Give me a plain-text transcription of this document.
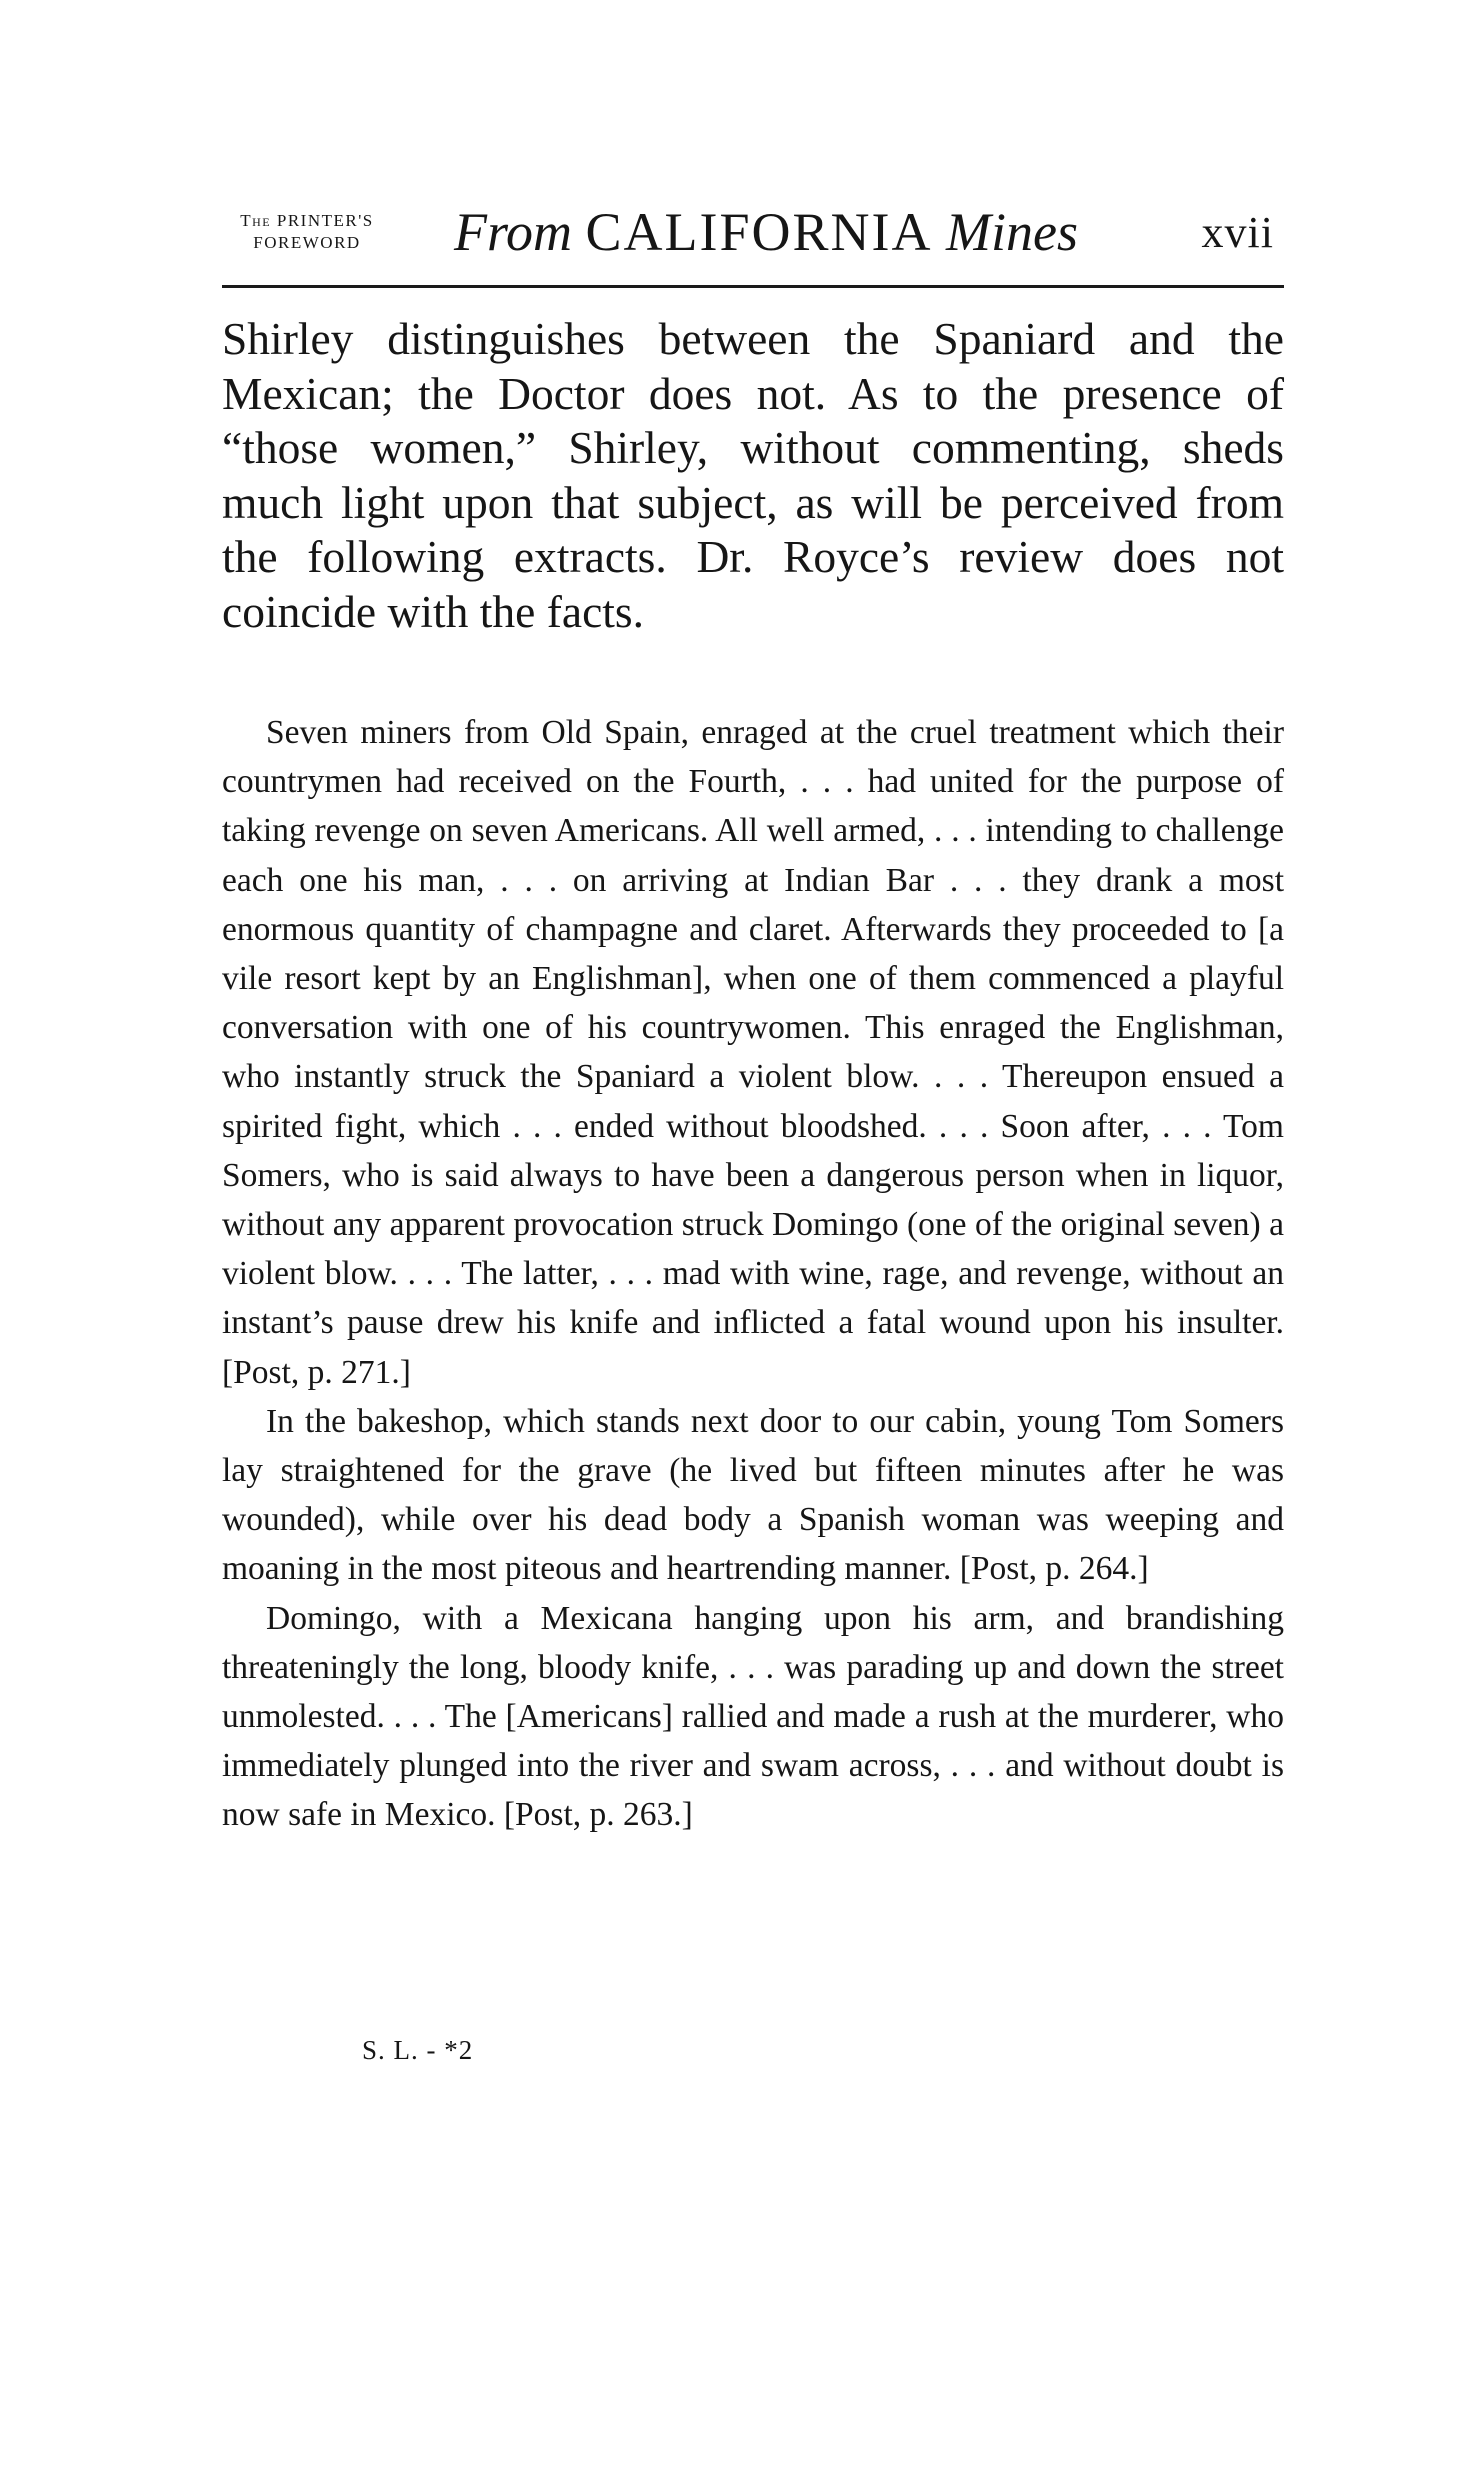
The PRINTER'S
FOREWORD	From CALIFORNIA Mines	xvii

Shirley distinguishes between the Spaniard and the Mexican; the Doctor does not. As to the presence of “those women,” Shirley, without commenting, sheds much light upon that subject, as will be perceived from the following extracts. Dr. Royce’s review does not coincide with the facts.

Seven miners from Old Spain, enraged at the cruel treatment which their countrymen had received on the Fourth, . . . had united for the purpose of taking revenge on seven Americans. All well armed, . . . intending to challenge each one his man, . . . on arriving at Indian Bar . . . they drank a most enormous quantity of champagne and claret. Afterwards they proceeded to [a vile resort kept by an Englishman], when one of them commenced a playful conversation with one of his countrywomen. This enraged the Englishman, who instantly struck the Spaniard a violent blow. . . . Thereupon ensued a spirited fight, which . . . ended without bloodshed. . . . Soon after, . . . Tom Somers, who is said always to have been a dangerous person when in liquor, without any apparent provocation struck Domingo (one of the original seven) a violent blow. . . . The latter, . . . mad with wine, rage, and revenge, without an instant’s pause drew his knife and inflicted a fatal wound upon his insulter. [Post, p. 271.]

In the bakeshop, which stands next door to our cabin, young Tom Somers lay straightened for the grave (he lived but fifteen minutes after he was wounded), while over his dead body a Spanish woman was weeping and moaning in the most piteous and heartrending manner. [Post, p. 264.]

Domingo, with a Mexicana hanging upon his arm, and brandishing threateningly the long, bloody knife, . . . was parading up and down the street unmolested. . . . The [Americans] rallied and made a rush at the murderer, who immediately plunged into the river and swam across, . . . and without doubt is now safe in Mexico. [Post, p. 263.]

S. L. - *2
